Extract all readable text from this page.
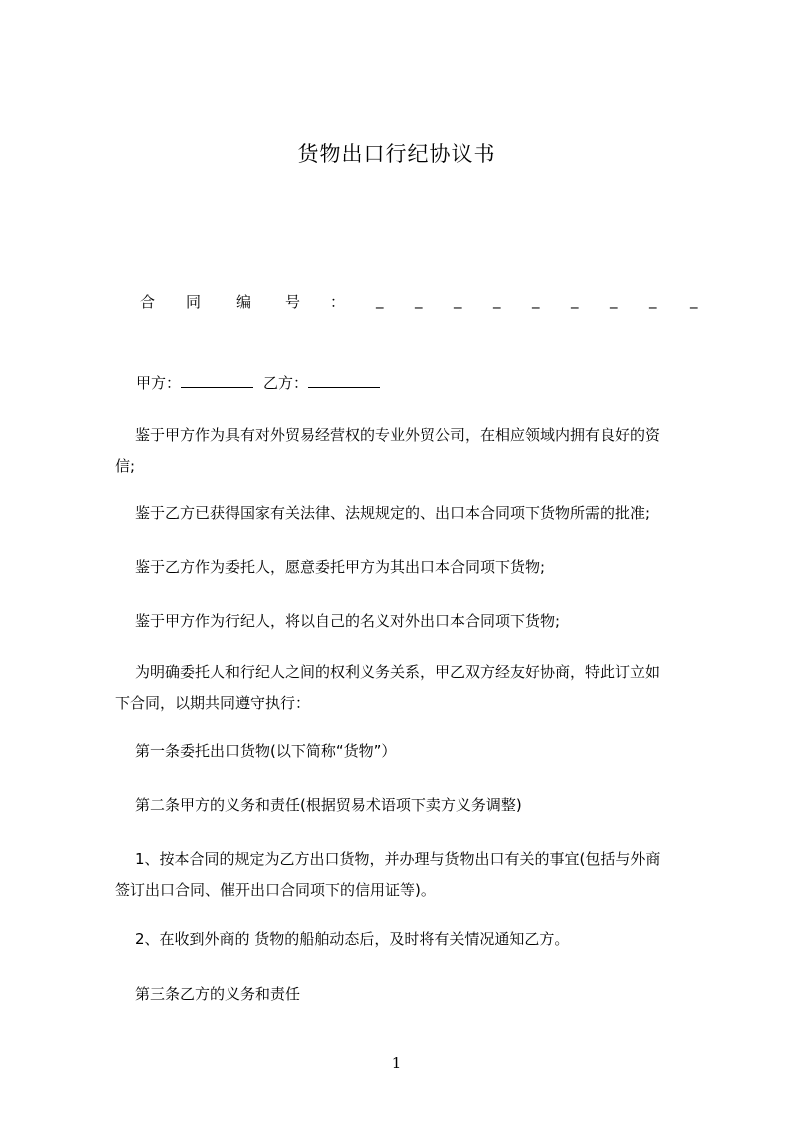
货物出口行纪协议书
合 同 编 号 ： _ _ _ _ _ _ _ _ _
甲方：	乙方：
鉴于甲方作为具有对外贸易经营权的专业外贸公司，在相应领域内拥有良好的资
信;
鉴于乙方已获得国家有关法律、法规规定的、出口本合同项下货物所需的批准;
鉴于乙方作为委托人，愿意委托甲方为其出口本合同项下货物;
鉴于甲方作为行纪人，将以自己的名义对外出口本合同项下货物;
为明确委托人和行纪人之间的权利义务关系，甲乙双方经友好协商，特此订立如
下合同，以期共同遵守执行：
第一条委托出口货物(以下简称“货物”）
第二条甲方的义务和责任(根据贸易术语项下卖方义务调整)
1、按本合同的规定为乙方出口货物，并办理与货物出口有关的事宜(包括与外商
签订出口合同、催开出口合同项下的信用证等)。
2、在收到外商的 货物的船舶动态后，及时将有关情况通知乙方。
第三条乙方的义务和责任
1
